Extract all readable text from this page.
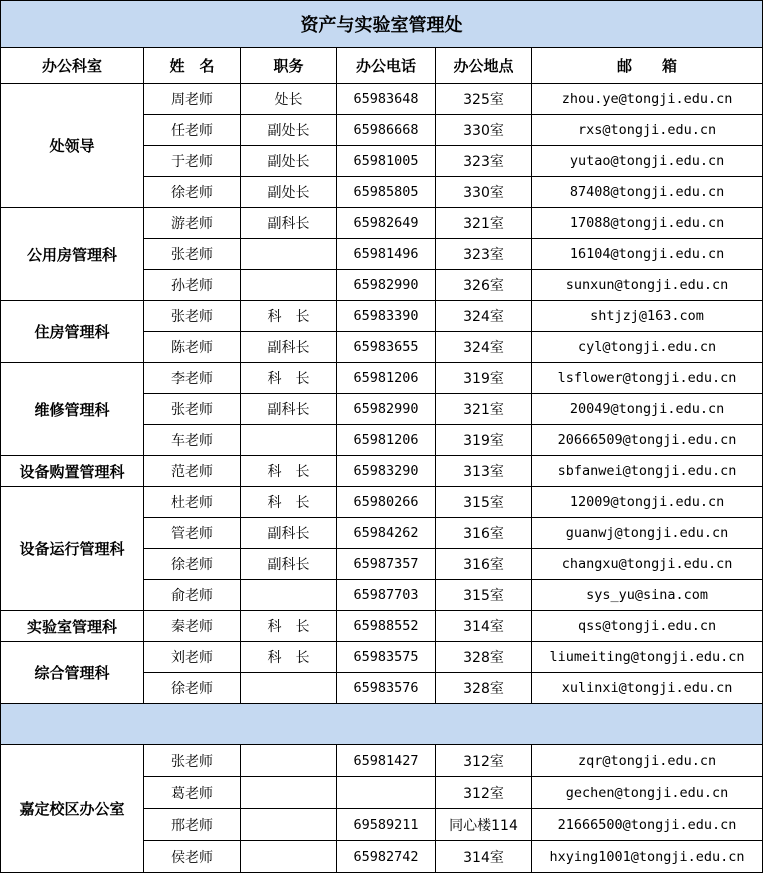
资产与实验室管理处					
办公科室	姓　名	职务	办公电话	办公地点	邮　　箱
处领导	周老师	处长	65983648	325室	zhou.ye@tongji.edu.cn
	任老师	副处长	65986668	330室	rxs@tongji.edu.cn
	于老师	副处长	65981005	323室	yutao@tongji.edu.cn
	徐老师	副处长	65985805	330室	87408@tongji.edu.cn
公用房管理科	游老师	副科长	65982649	321室	17088@tongji.edu.cn
	张老师		65981496	323室	16104@tongji.edu.cn
	孙老师		65982990	326室	sunxun@tongji.edu.cn
住房管理科	张老师	科　长	65983390	324室	shtjzj@163.com
	陈老师	副科长	65983655	324室	cyl@tongji.edu.cn
维修管理科	李老师	科　长	65981206	319室	lsflower@tongji.edu.cn
	张老师	副科长	65982990	321室	20049@tongji.edu.cn
	车老师		65981206	319室	20666509@tongji.edu.cn
设备购置管理科	范老师	科　长	65983290	313室	sbfanwei@tongji.edu.cn
设备运行管理科	杜老师	科　长	65980266	315室	12009@tongji.edu.cn
	管老师	副科长	65984262	316室	guanwj@tongji.edu.cn
	徐老师	副科长	65987357	316室	changxu@tongji.edu.cn
	俞老师		65987703	315室	sys_yu@sina.com
实验室管理科	秦老师	科　长	65988552	314室	qss@tongji.edu.cn
综合管理科	刘老师	科　长	65983575	328室	liumeiting@tongji.edu.cn
	徐老师		65983576	328室	xulinxi@tongji.edu.cn

嘉定校区办公室	张老师		65981427	312室	zqr@tongji.edu.cn
	葛老师			312室	gechen@tongji.edu.cn
	邢老师		69589211	同心楼114	21666500@tongji.edu.cn
	侯老师		65982742	314室	hxying1001@tongji.edu.cn
